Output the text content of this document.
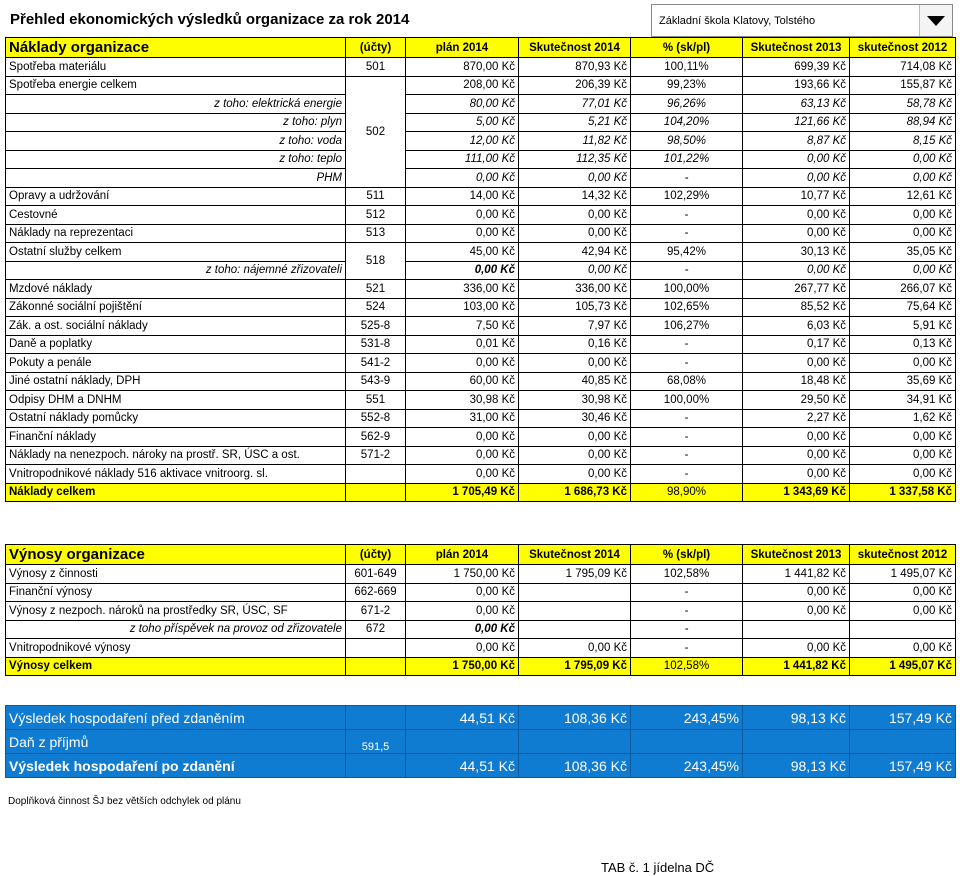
Přehled ekonomických výsledků organizace za rok 2014	Základní škola Klatovy, Tolstého
Náklady organizace	(účty)	plán 2014	Skutečnost 2014	% (sk/pl)	Skutečnost 2013	skutečnost 2012
Spotřeba materiálu	501	870,00 Kč	870,93 Kč	100,11%	699,39 Kč	714,08 Kč
Spotřeba energie celkem	502	208,00 Kč	206,39 Kč	99,23%	193,66 Kč	155,87 Kč
z toho: elektrická energie		80,00 Kč	77,01 Kč	96,26%	63,13 Kč	58,78 Kč
z toho: plyn		5,00 Kč	5,21 Kč	104,20%	121,66 Kč	88,94 Kč
z toho: voda		12,00 Kč	11,82 Kč	98,50%	8,87 Kč	8,15 Kč
z toho: teplo		111,00 Kč	112,35 Kč	101,22%	0,00 Kč	0,00 Kč
PHM		0,00 Kč	0,00 Kč	-	0,00 Kč	0,00 Kč
Opravy a udržování	511	14,00 Kč	14,32 Kč	102,29%	10,77 Kč	12,61 Kč
Cestovné	512	0,00 Kč	0,00 Kč	-	0,00 Kč	0,00 Kč
Náklady na reprezentaci	513	0,00 Kč	0,00 Kč	-	0,00 Kč	0,00 Kč
Ostatní služby celkem	518	45,00 Kč	42,94 Kč	95,42%	30,13 Kč	35,05 Kč
z toho: nájemné zřizovateli		0,00 Kč	0,00 Kč	-	0,00 Kč	0,00 Kč
Mzdové náklady	521	336,00 Kč	336,00 Kč	100,00%	267,77 Kč	266,07 Kč
Zákonné sociální pojištění	524	103,00 Kč	105,73 Kč	102,65%	85,52 Kč	75,64 Kč
Zák. a ost. sociální náklady	525-8	7,50 Kč	7,97 Kč	106,27%	6,03 Kč	5,91 Kč
Daně a poplatky	531-8	0,01 Kč	0,16 Kč	-	0,17 Kč	0,13 Kč
Pokuty a penále	541-2	0,00 Kč	0,00 Kč	-	0,00 Kč	0,00 Kč
Jiné ostatní náklady, DPH	543-9	60,00 Kč	40,85 Kč	68,08%	18,48 Kč	35,69 Kč
Odpisy DHM a DNHM	551	30,98 Kč	30,98 Kč	100,00%	29,50 Kč	34,91 Kč
Ostatní náklady pomůcky	552-8	31,00 Kč	30,46 Kč	-	2,27 Kč	1,62 Kč
Finanční náklady	562-9	0,00 Kč	0,00 Kč	-	0,00 Kč	0,00 Kč
Náklady na nenezpoch. nároky na prostř. SR, ÚSC a ost.	571-2	0,00 Kč	0,00 Kč	-	0,00 Kč	0,00 Kč
Vnitropodnikové náklady 516 aktivace vnitroorg. sl.		0,00 Kč	0,00 Kč	-	0,00 Kč	0,00 Kč
Náklady celkem		1 705,49 Kč	1 686,73 Kč	98,90%	1 343,69 Kč	1 337,58 Kč
Výnosy organizace	(účty)	plán 2014	Skutečnost 2014	% (sk/pl)	Skutečnost 2013	skutečnost 2012
Výnosy z činnosti	601-649	1 750,00 Kč	1 795,09 Kč	102,58%	1 441,82 Kč	1 495,07 Kč
Finanční výnosy	662-669	0,00 Kč		-	0,00 Kč	0,00 Kč
Výnosy z nezpoch. nároků na prostředky SR, ÚSC, SF	671-2	0,00 Kč		-	0,00 Kč	0,00 Kč
z toho příspěvek na provoz od zřizovatele	672	0,00 Kč		-		
Vnitropodnikové výnosy		0,00 Kč	0,00 Kč	-	0,00 Kč	0,00 Kč
Výnosy celkem		1 750,00 Kč	1 795,09 Kč	102,58%	1 441,82 Kč	1 495,07 Kč
Výsledek hospodaření před zdaněním		44,51 Kč	108,36 Kč	243,45%	98,13 Kč	157,49 Kč
Daň z příjmů	591,5					
Výsledek hospodaření po zdanění		44,51 Kč	108,36 Kč	243,45%	98,13 Kč	157,49 Kč
Doplňková činnost ŠJ bez větších odchylek od plánu
TAB č. 1 jídelna DČ
